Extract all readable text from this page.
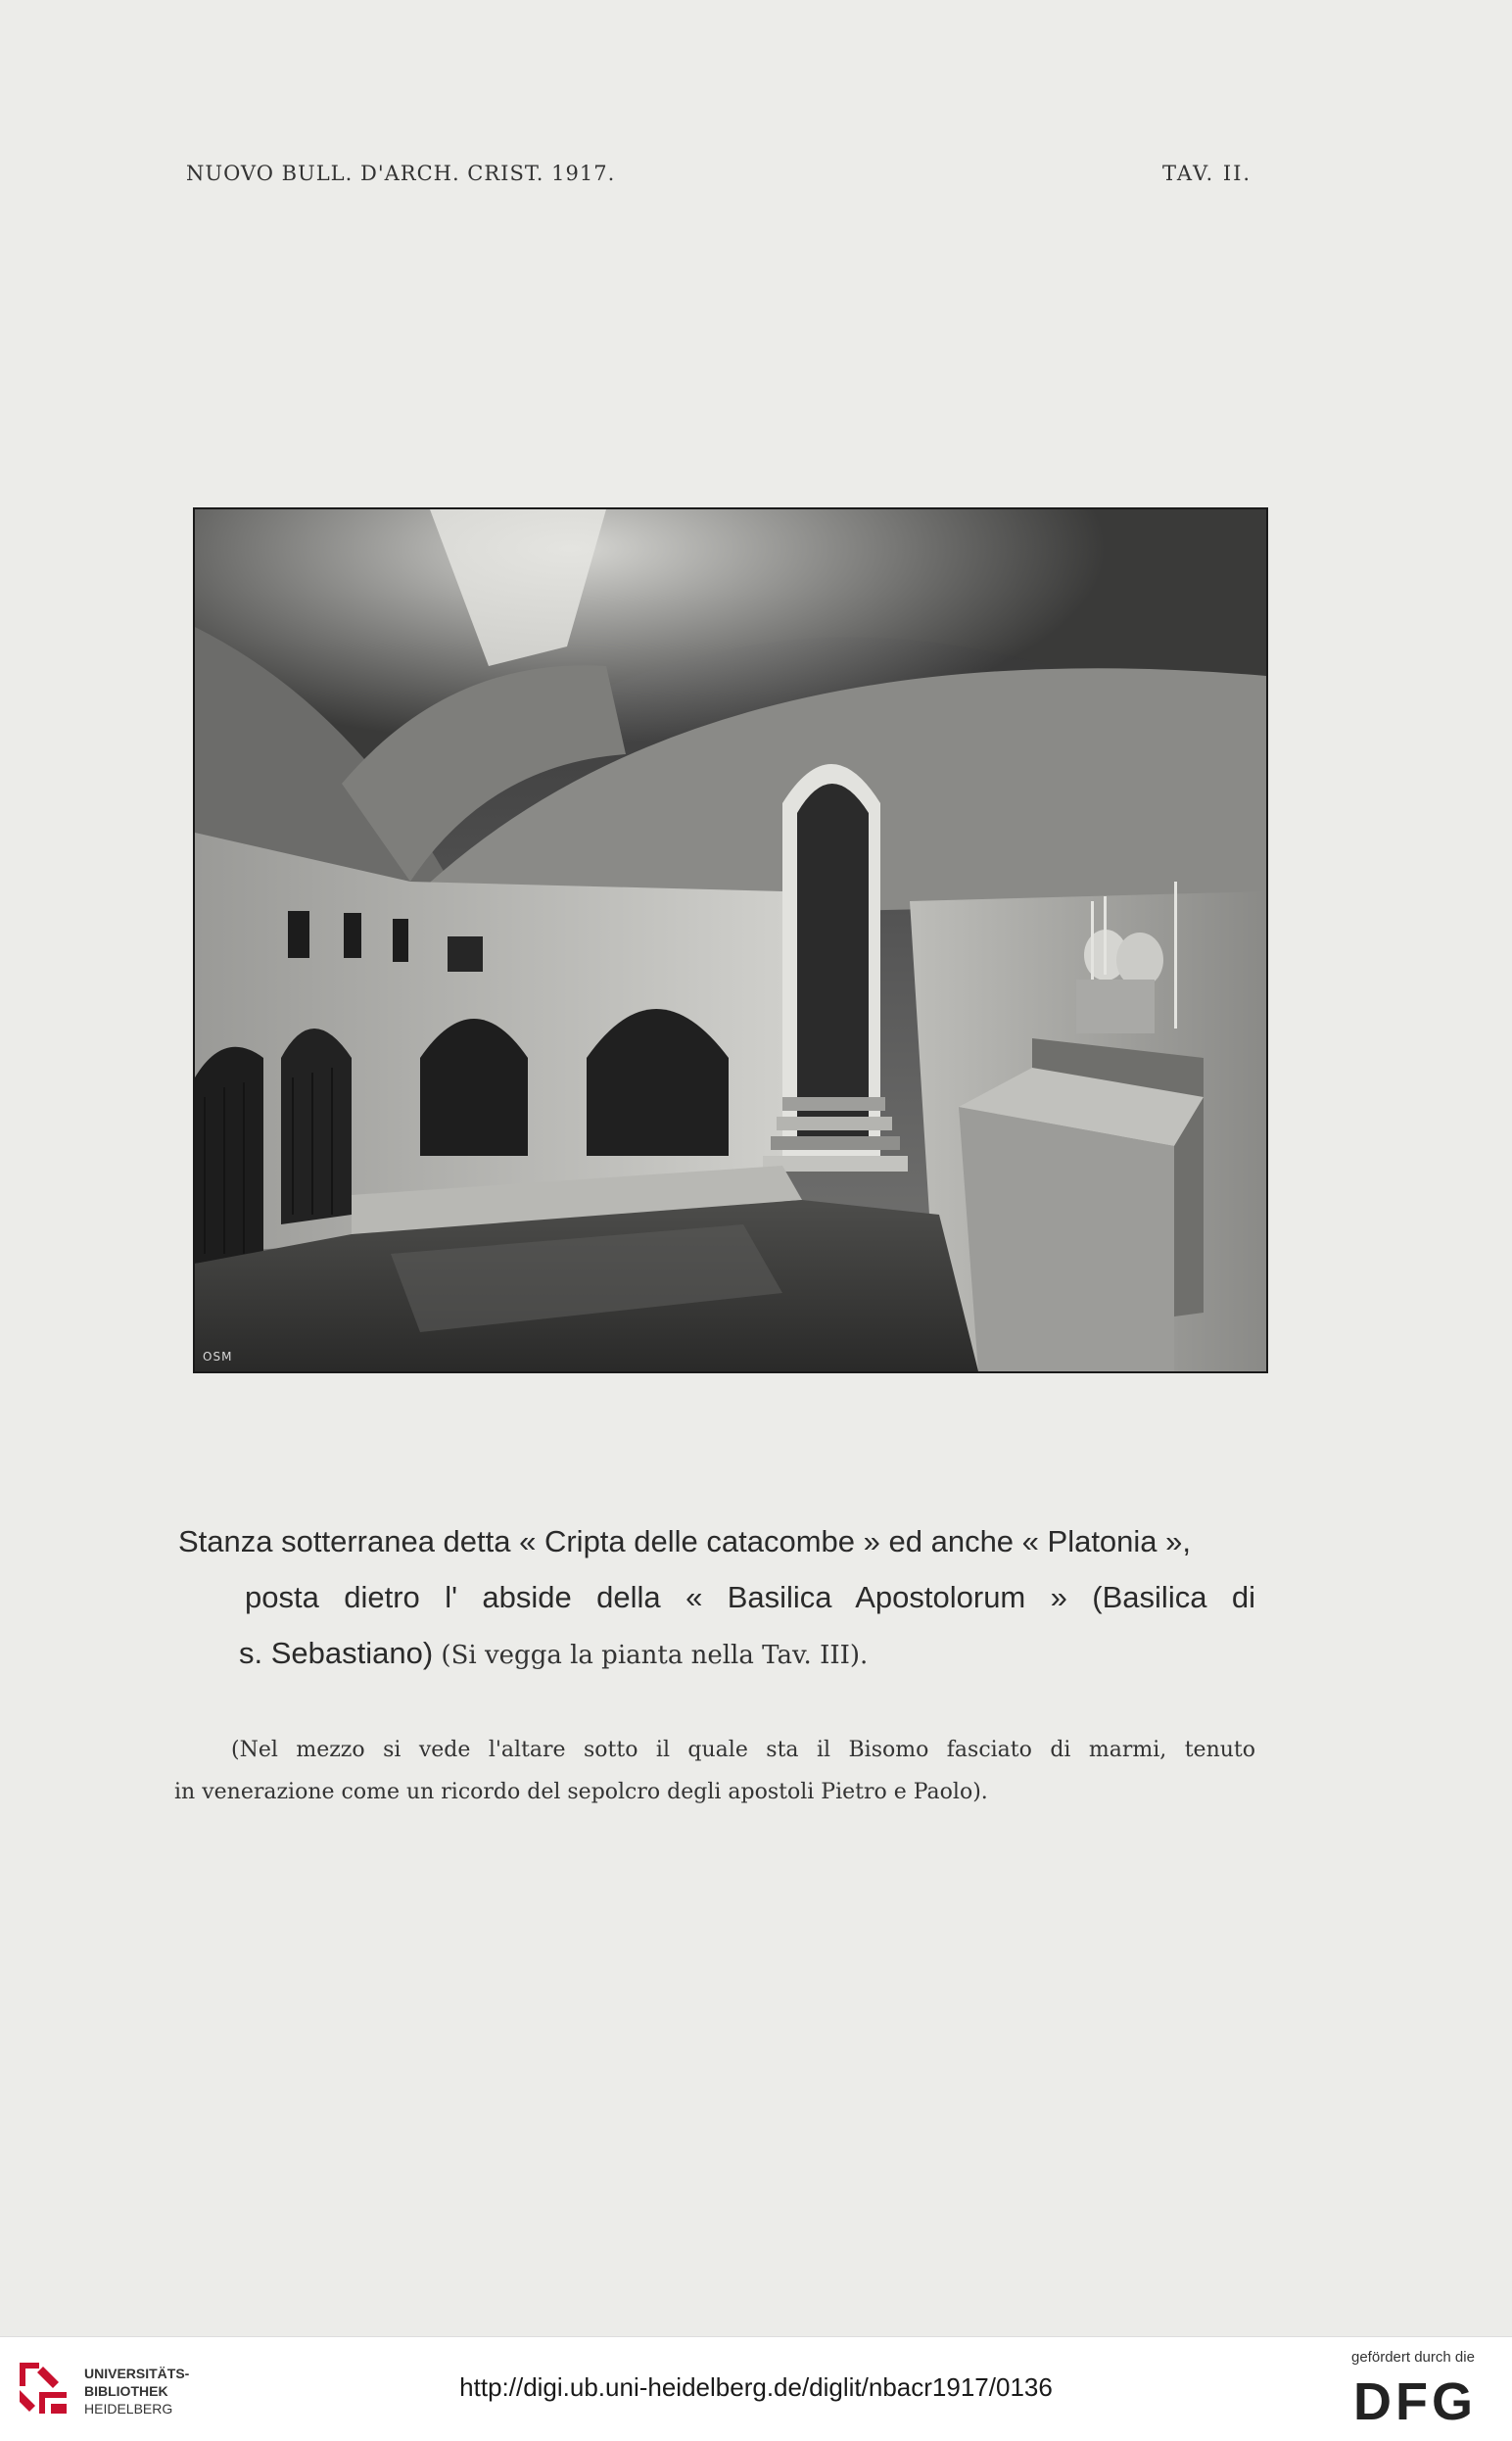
NUOVO BULL. D'ARCH. CRIST. 1917.	TAV. II.
OSM
Stanza sotterranea detta « Cripta delle catacombe » ed anche « Platonia »,
posta dietro l' abside della « Basilica Apostolorum » (Basilica di
s. Sebastiano) (Si vegga la pianta nella Tav. III).
(Nel mezzo si vede l'altare sotto il quale sta il Bisomo fasciato di marmi, tenuto
in venerazione come un ricordo del sepolcro degli apostoli Pietro e Paolo).
UNIVERSITÄTS-
BIBLIOTHEK
HEIDELBERG
http://digi.ub.uni-heidelberg.de/diglit/nbacr1917/0136
gefördert durch die
DFG
